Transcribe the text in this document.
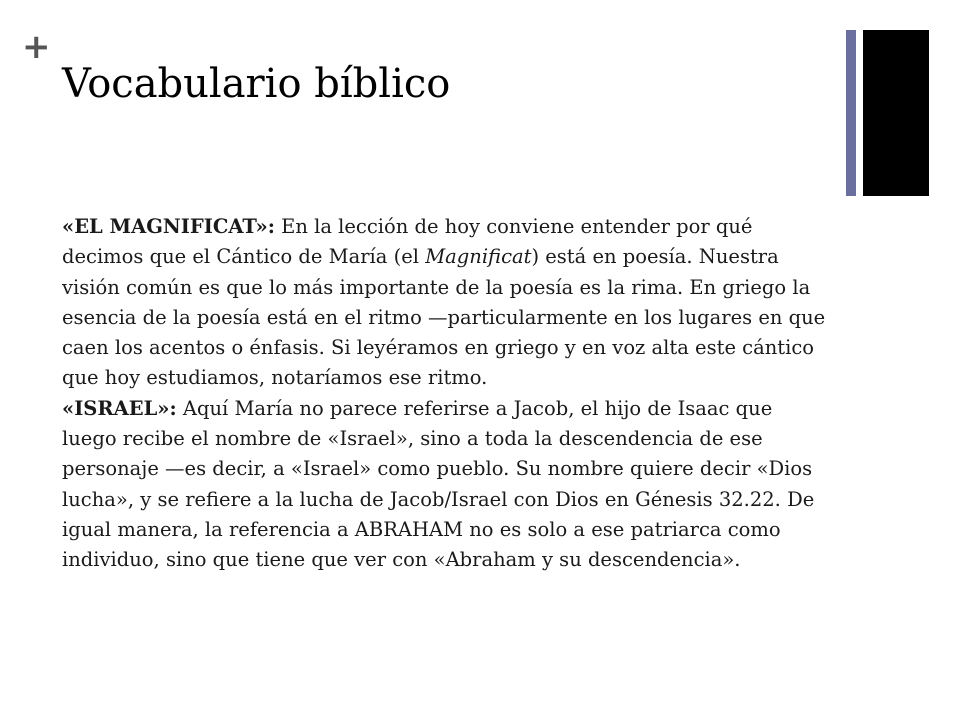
+
Vocabulario bíblico

«EL MAGNIFICAT»: En la lección de hoy conviene entender por qué decimos que el Cántico de María (el Magnificat) está en poesía. Nuestra visión común es que lo más importante de la poesía es la rima. En griego la esencia de la poesía está en el ritmo —particularmente en los lugares en que caen los acentos o énfasis. Si leyéramos en griego y en voz alta este cántico que hoy estudiamos, notaríamos ese ritmo.

«ISRAEL»: Aquí María no parece referirse a Jacob, el hijo de Isaac que luego recibe el nombre de «Israel», sino a toda la descendencia de ese personaje —es decir, a «Israel» como pueblo. Su nombre quiere decir «Dios lucha», y se refiere a la lucha de Jacob/Israel con Dios en Génesis 32.22. De igual manera, la referencia a ABRAHAM no es solo a ese patriarca como individuo, sino que tiene que ver con «Abraham y su descendencia».
